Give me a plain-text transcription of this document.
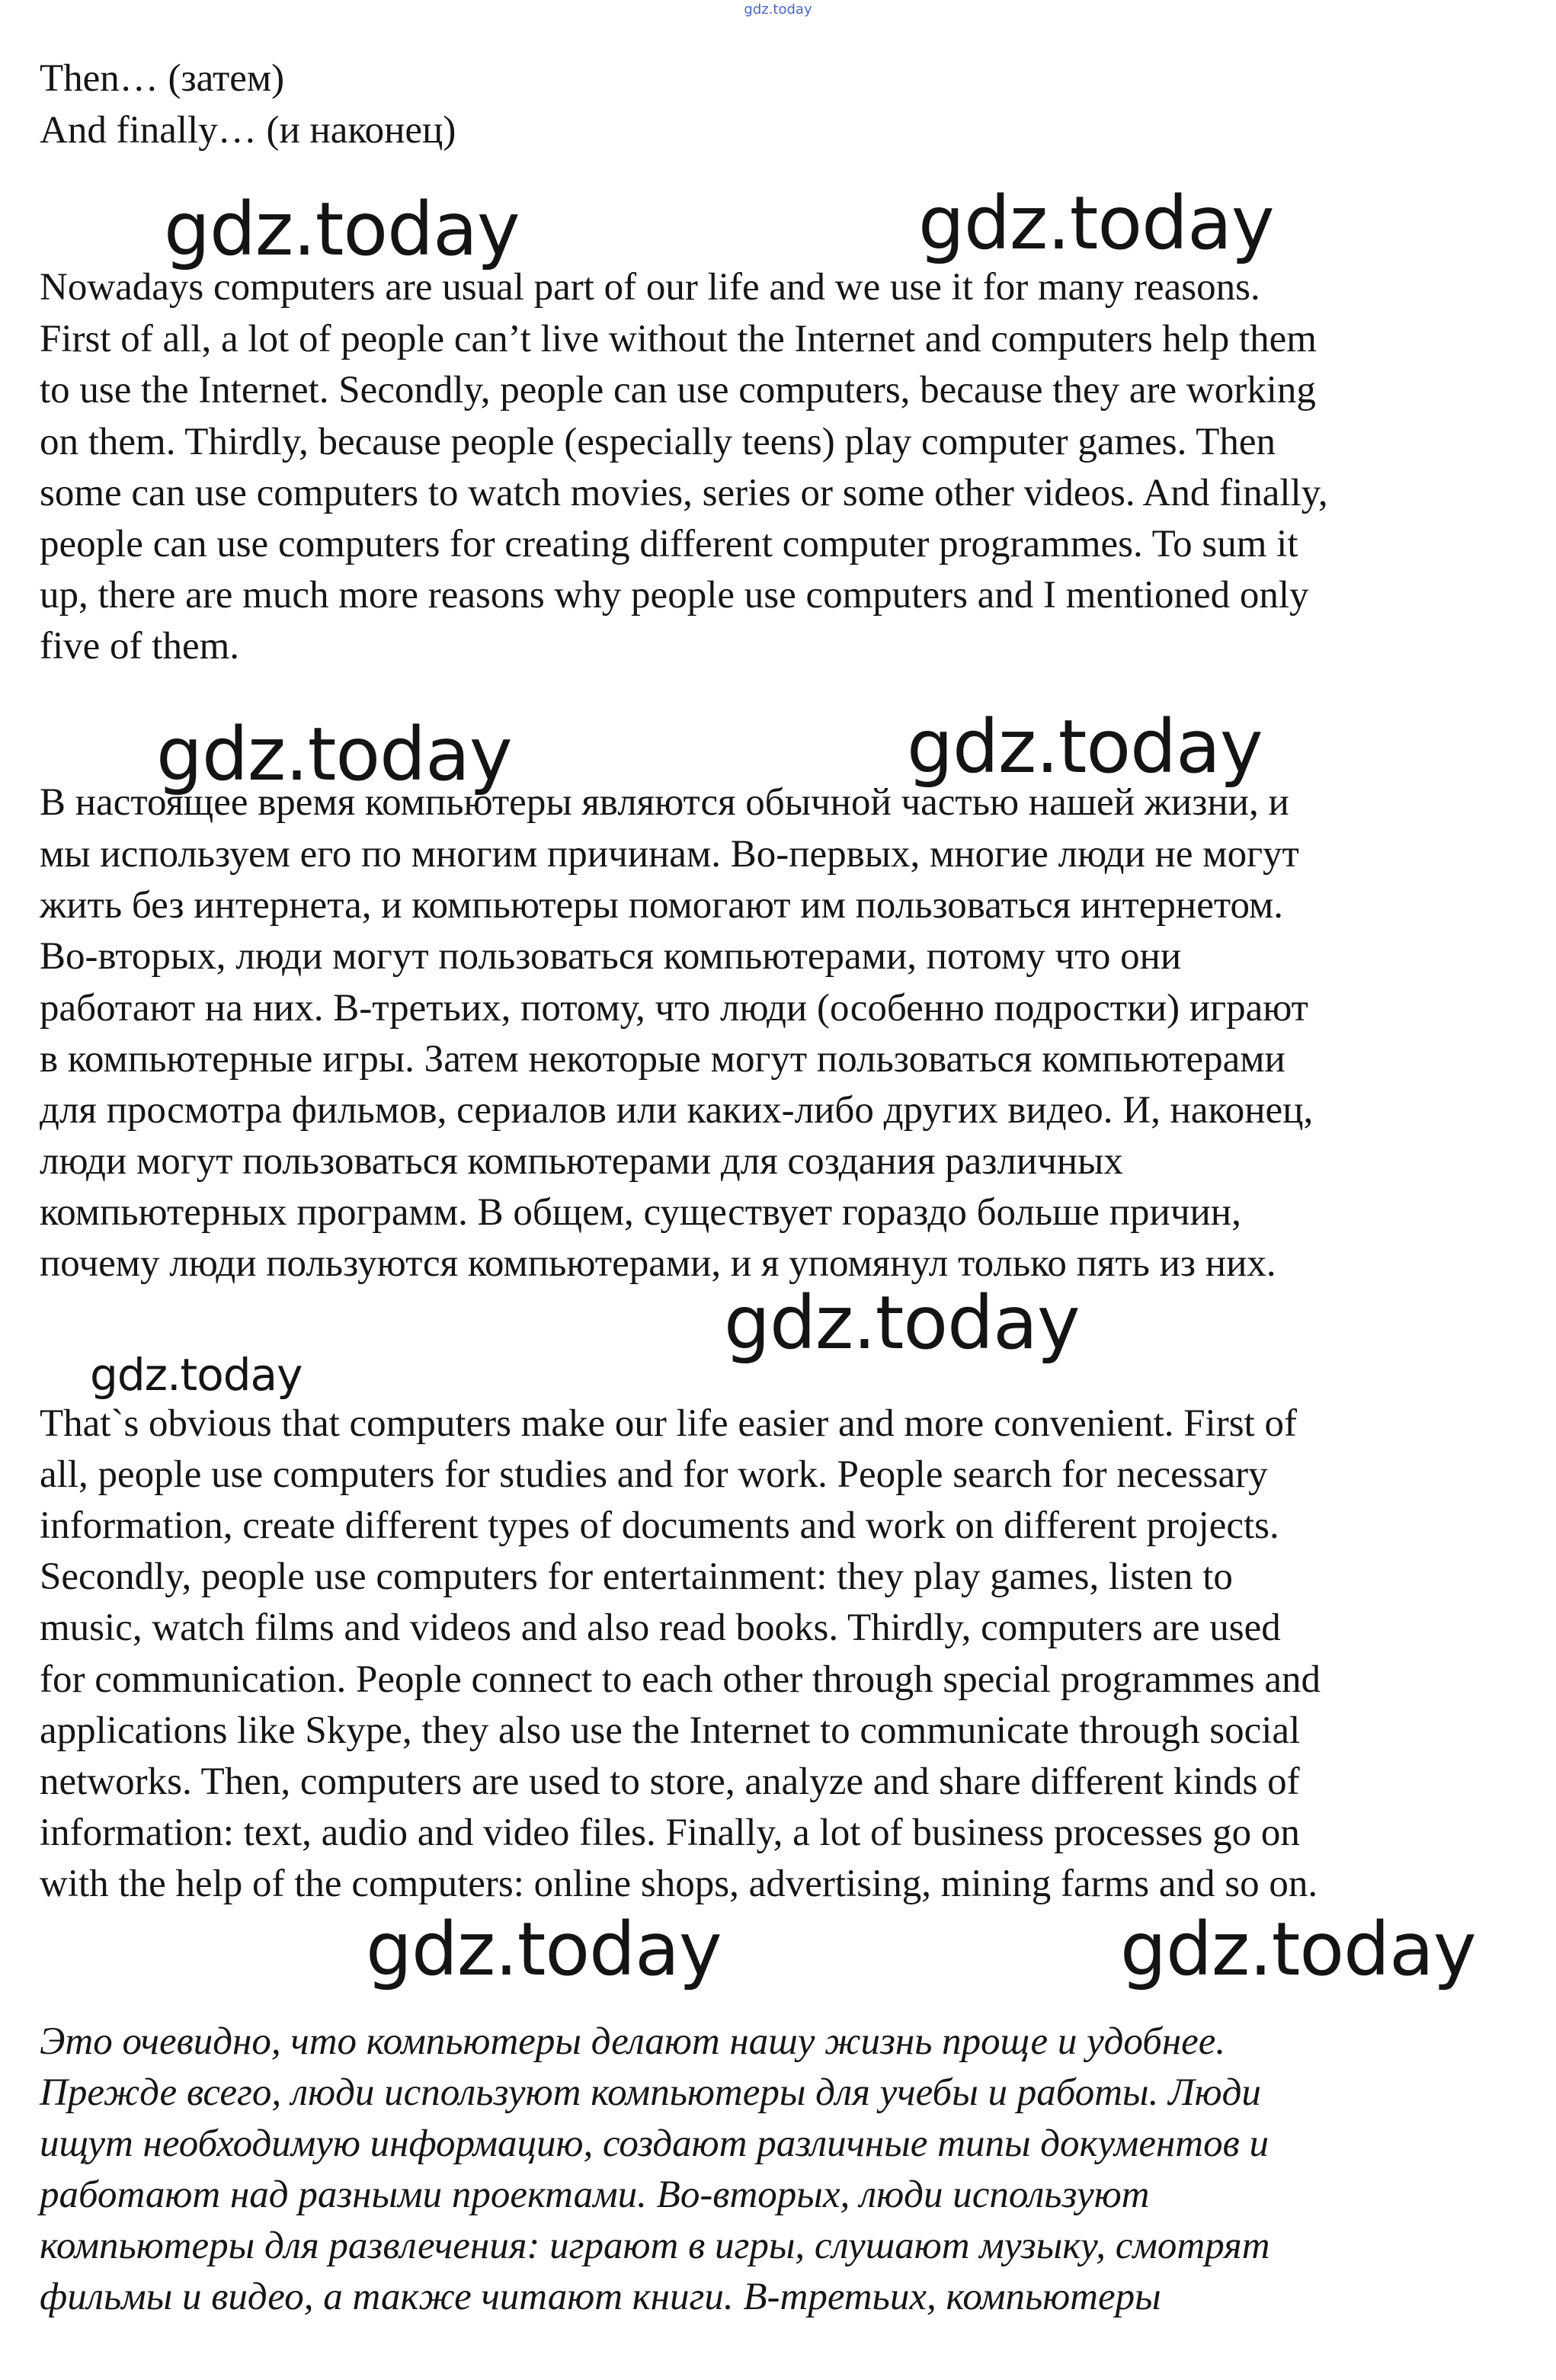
gdz.today
Then… (затем)
And finally… (и наконец)
Nowadays computers are usual part of our life and we use it for many reasons.
First of all, a lot of people can’t live without the Internet and computers help them
to use the Internet. Secondly, people can use computers, because they are working
on them. Thirdly, because people (especially teens) play computer games. Then
some can use computers to watch movies, series or some other videos. And finally,
people can use computers for creating different computer programmes. To sum it
up, there are much more reasons why people use computers and I mentioned only
five of them.
В настоящее время компьютеры являются обычной частью нашей жизни, и
мы используем его по многим причинам. Во-первых, многие люди не могут
жить без интернета, и компьютеры помогают им пользоваться интернетом.
Во-вторых, люди могут пользоваться компьютерами, потому что они
работают на них. В-третьих, потому, что люди (особенно подростки) играют
в компьютерные игры. Затем некоторые могут пользоваться компьютерами
для просмотра фильмов, сериалов или каких-либо других видео. И, наконец,
люди могут пользоваться компьютерами для создания различных
компьютерных программ. В общем, существует гораздо больше причин,
почему люди пользуются компьютерами, и я упомянул только пять из них.
That`s obvious that computers make our life easier and more convenient. First of
all, people use computers for studies and for work. People search for necessary
information, create different types of documents and work on different projects.
Secondly, people use computers for entertainment: they play games, listen to
music, watch films and videos and also read books. Thirdly, computers are used
for communication. People connect to each other through special programmes and
applications like Skype, they also use the Internet to communicate through social
networks. Then, computers are used to store, analyze and share different kinds of
information: text, audio and video files. Finally, a lot of business processes go on
with the help of the computers: online shops, advertising, mining farms and so on.
Это очевидно, что компьютеры делают нашу жизнь проще и удобнее.
Прежде всего, люди используют компьютеры для учебы и работы. Люди
ищут необходимую информацию, создают различные типы документов и
работают над разными проектами. Во-вторых, люди используют
компьютеры для развлечения: играют в игры, слушают музыку, смотрят
фильмы и видео, а также читают книги. В-третьих, компьютеры
gdz.today	gdz.today
gdz.today	gdz.today
gdz.today
gdz.today
gdz.today	gdz.today
